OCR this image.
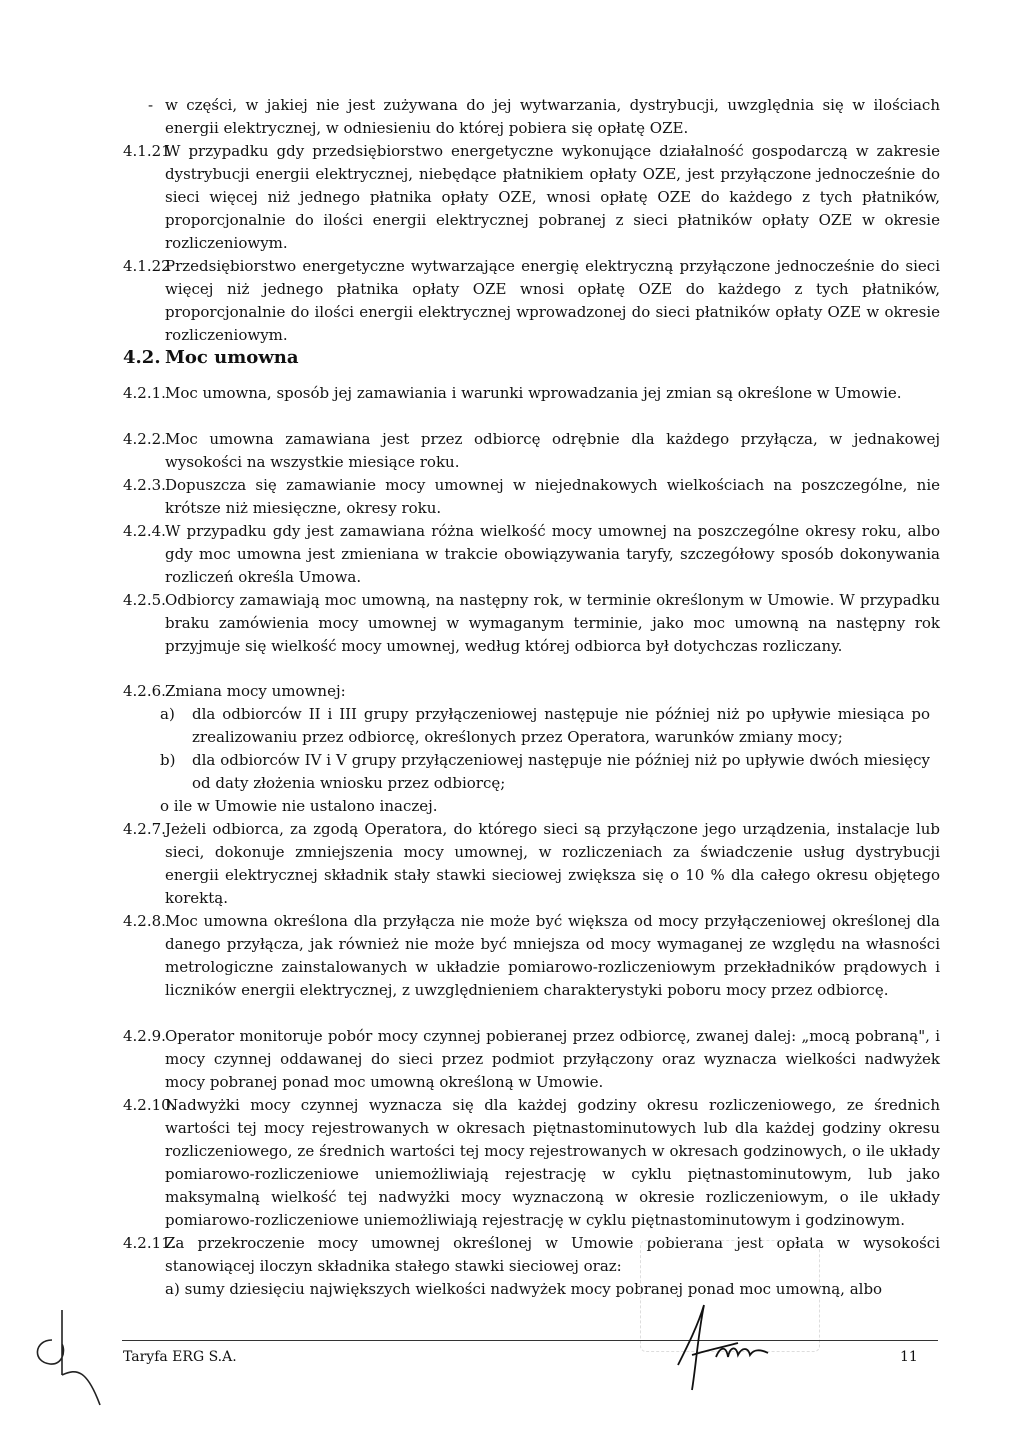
- w części, w jakiej nie jest zużywana do jej wytwarzania, dystrybucji, uwzględnia się w ilościach energii elektrycznej, w odniesieniu do której pobiera się opłatę OZE.
4.1.21
W przypadku gdy przedsiębiorstwo energetyczne wykonujące działalność gospodarczą w zakresie dystrybucji energii elektrycznej, niebędące płatnikiem opłaty OZE, jest przyłączone jednocześnie do sieci więcej niż jednego płatnika opłaty OZE, wnosi opłatę OZE do każdego z tych płatników, proporcjonalnie do ilości energii elektrycznej pobranej z sieci płatników opłaty OZE w okresie rozliczeniowym.
4.1.22
Przedsiębiorstwo energetyczne wytwarzające energię elektryczną przyłączone jednocześnie do sieci więcej niż jednego płatnika opłaty OZE wnosi opłatę OZE do każdego z tych płatników, proporcjonalnie do ilości energii elektrycznej wprowadzonej do sieci płatników opłaty OZE w okresie rozliczeniowym.
4.2. Moc umowna
4.2.1. Moc umowna, sposób jej zamawiania i warunki wprowadzania jej zmian są określone w Umowie.
4.2.2. Moc umowna zamawiana jest przez odbiorcę odrębnie dla każdego przyłącza, w jednakowej wysokości na wszystkie miesiące roku.
4.2.3. Dopuszcza się zamawianie mocy umownej w niejednakowych wielkościach na poszczególne, nie krótsze niż miesięczne, okresy roku.
4.2.4. W przypadku gdy jest zamawiana różna wielkość mocy umownej na poszczególne okresy roku, albo gdy moc umowna jest zmieniana w trakcie obowiązywania taryfy, szczegółowy sposób dokonywania rozliczeń określa Umowa.
4.2.5. Odbiorcy zamawiają moc umowną, na następny rok, w terminie określonym w Umowie. W przypadku braku zamówienia mocy umownej w wymaganym terminie, jako moc umowną na następny rok przyjmuje się wielkość mocy umownej, według której odbiorca był dotychczas rozliczany.
4.2.6. Zmiana mocy umownej:
a) dla odbiorców II i III grupy przyłączeniowej następuje nie później niż po upływie miesiąca po zrealizowaniu przez odbiorcę, określonych przez Operatora, warunków zmiany mocy;
b) dla odbiorców IV i V grupy przyłączeniowej następuje nie później niż po upływie dwóch miesięcy od daty złożenia wniosku przez odbiorcę;
o ile w Umowie nie ustalono inaczej.
4.2.7. Jeżeli odbiorca, za zgodą Operatora, do którego sieci są przyłączone jego urządzenia, instalacje lub sieci, dokonuje zmniejszenia mocy umownej, w rozliczeniach za świadczenie usług dystrybucji energii elektrycznej składnik stały stawki sieciowej zwiększa się o 10 % dla całego okresu objętego korektą.
4.2.8. Moc umowna określona dla przyłącza nie może być większa od mocy przyłączeniowej określonej dla danego przyłącza, jak również nie może być mniejsza od mocy wymaganej ze względu na własności metrologiczne zainstalowanych w układzie pomiarowo-rozliczeniowym przekładników prądowych i liczników energii elektrycznej, z uwzględnieniem charakterystyki poboru mocy przez odbiorcę.
4.2.9. Operator monitoruje pobór mocy czynnej pobieranej przez odbiorcę, zwanej dalej: „mocą pobraną", i mocy czynnej oddawanej do sieci przez podmiot przyłączony oraz wyznacza wielkości nadwyżek mocy pobranej ponad moc umowną określoną w Umowie.
4.2.10.
Nadwyżki mocy czynnej wyznacza się dla każdej godziny okresu rozliczeniowego, ze średnich wartości tej mocy rejestrowanych w okresach piętnastominutowych lub dla każdej godziny okresu rozliczeniowego, ze średnich wartości tej mocy rejestrowanych w okresach godzinowych, o ile układy pomiarowo-rozliczeniowe uniemożliwiają rejestrację w cyklu piętnastominutowym, lub jako maksymalną wielkość tej nadwyżki mocy wyznaczoną w okresie rozliczeniowym, o ile układy pomiarowo-rozliczeniowe uniemożliwiają rejestrację w cyklu piętnastominutowym i godzinowym.
4.2.11.
Za przekroczenie mocy umownej określonej w Umowie pobierana jest opłata w wysokości stanowiącej iloczyn składnika stałego stawki sieciowej oraz:
a) sumy dziesięciu największych wielkości nadwyżek mocy pobranej ponad moc umowną, albo
Taryfa ERG S.A.	11
